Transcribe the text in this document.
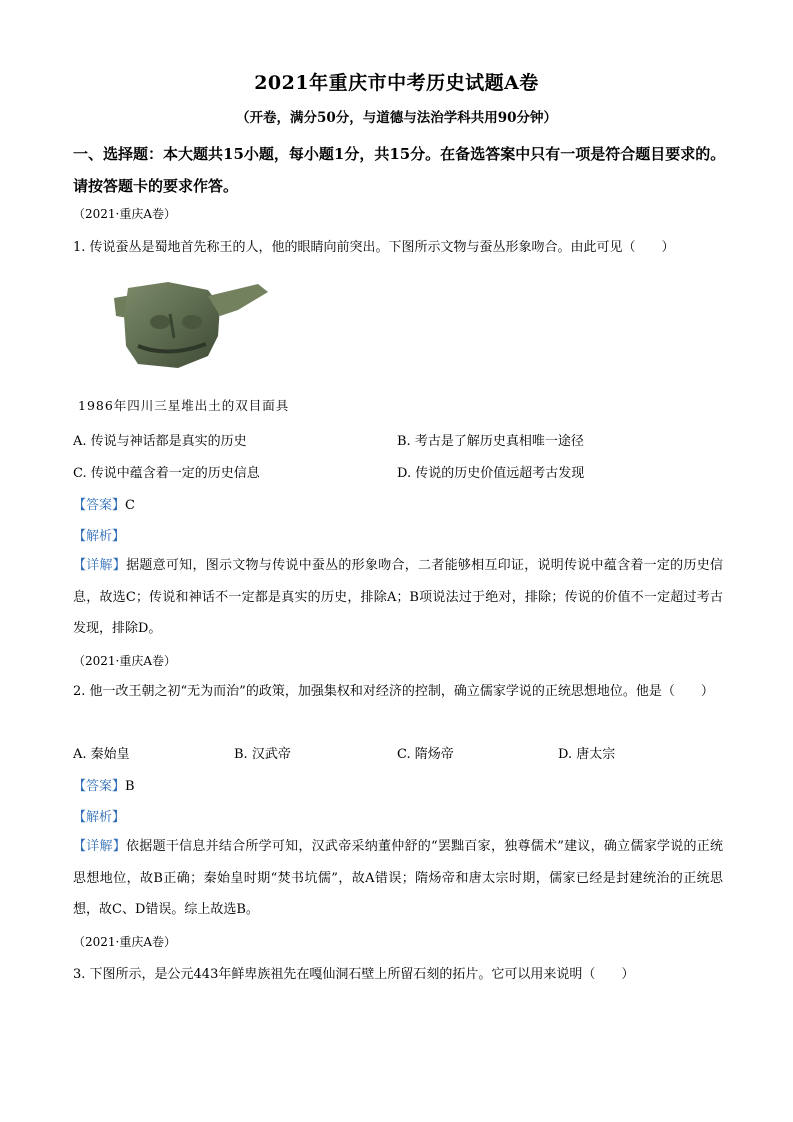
2021年重庆市中考历史试题A卷
（开卷，满分50分，与道德与法治学科共用90分钟）
一、选择题：本大题共15小题，每小题1分，共15分。在备选答案中只有一项是符合题目要求的。请按答题卡的要求作答。
（2021·重庆A卷）
1. 传说蚕丛是蜀地首先称王的人，他的眼睛向前突出。下图所示文物与蚕丛形象吻合。由此可见（　　）
1986年四川三星堆出土的双目面具
A. 传说与神话都是真实的历史	B. 考古是了解历史真相唯一途径
C. 传说中蕴含着一定的历史信息	D. 传说的历史价值远超考古发现
【答案】C
【解析】
【详解】据题意可知，图示文物与传说中蚕丛的形象吻合，二者能够相互印证，说明传说中蕴含着一定的历史信息，故选C；传说和神话不一定都是真实的历史，排除A；B项说法过于绝对，排除；传说的价值不一定超过考古发现，排除D。
（2021·重庆A卷）
2. 他一改王朝之初“无为而治”的政策，加强集权和对经济的控制，确立儒家学说的正统思想地位。他是（　　）
A. 秦始皇	B. 汉武帝	C. 隋炀帝	D. 唐太宗
【答案】B
【解析】
【详解】依据题干信息并结合所学可知，汉武帝采纳董仲舒的“罢黜百家，独尊儒术”建议，确立儒家学说的正统思想地位，故B正确；秦始皇时期“焚书坑儒”，故A错误；隋炀帝和唐太宗时期，儒家已经是封建统治的正统思想，故C、D错误。综上故选B。
（2021·重庆A卷）
3. 下图所示，是公元443年鲜卑族祖先在嘎仙洞石壁上所留石刻的拓片。它可以用来说明（　　）
